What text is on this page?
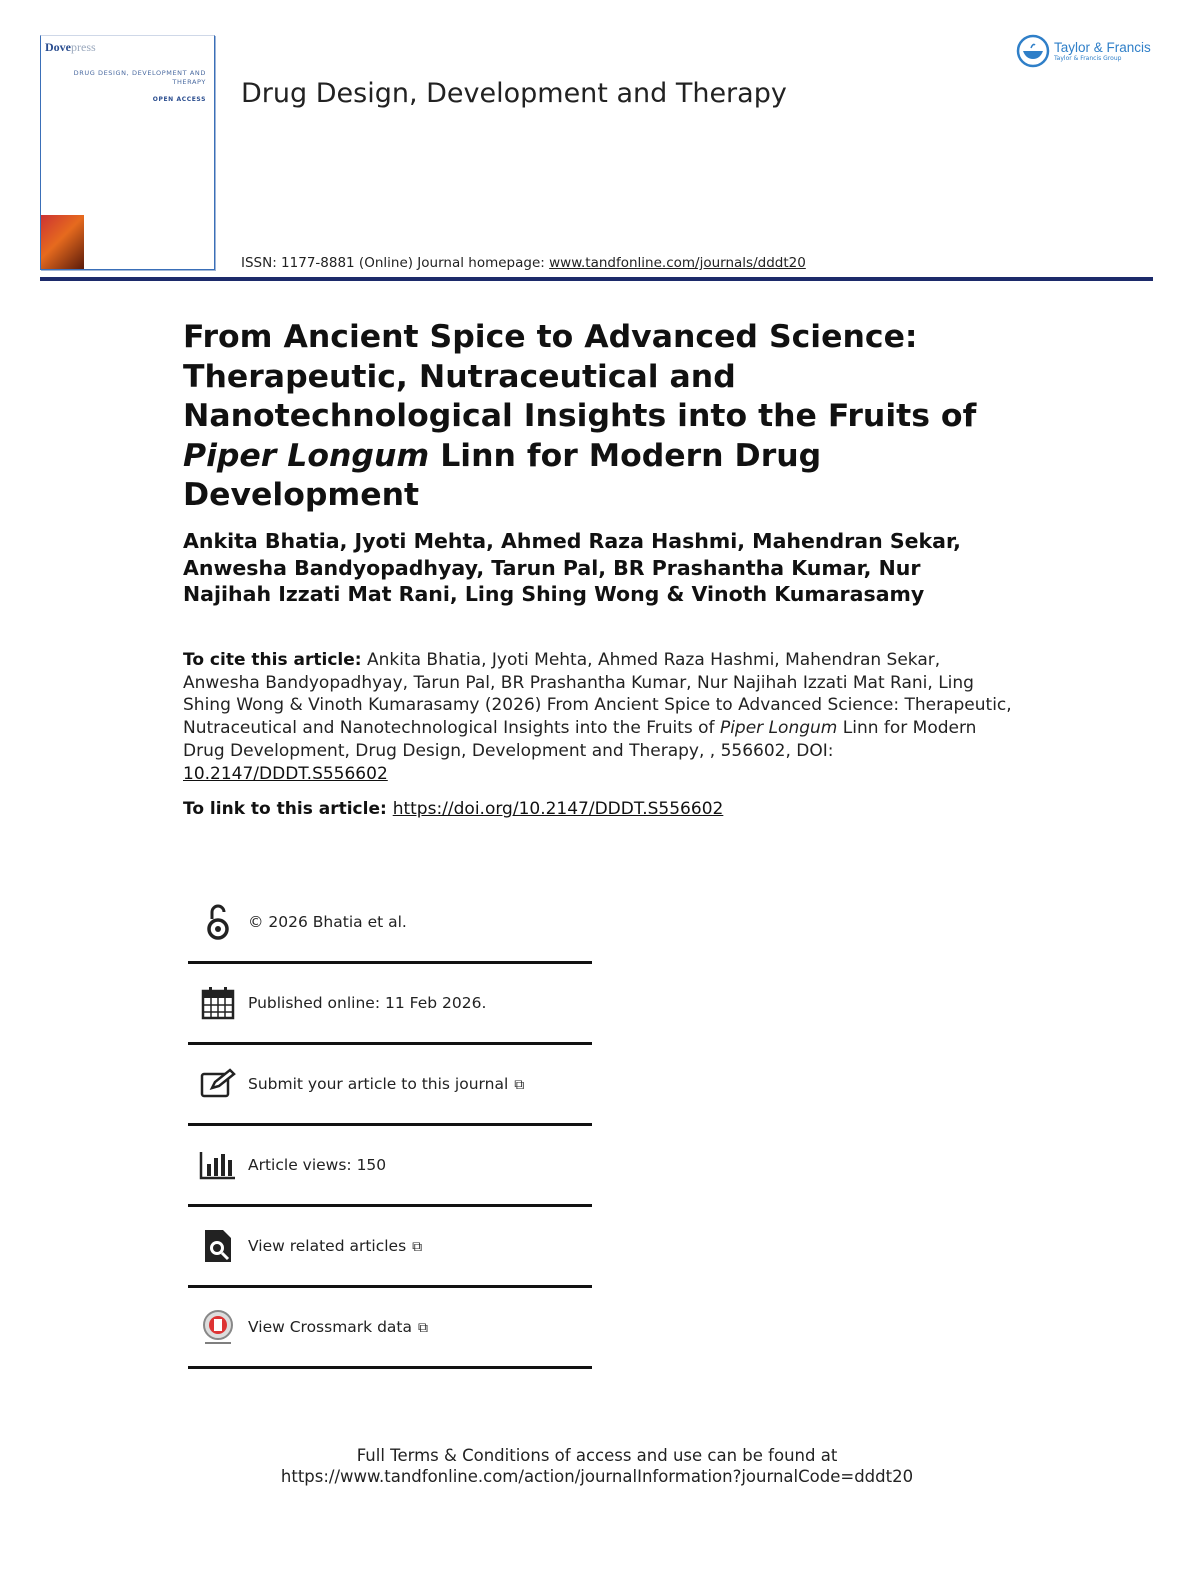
Dovepress
DRUG DESIGN, DEVELOPMENT AND THERAPY
OPEN ACCESS Drug Design, Development and Therapy
ISSN: 1177-8881 (Online) Journal homepage: www.tandfonline.com/journals/dddt20
Taylor & Francis
Taylor & Francis Group
From Ancient Spice to Advanced Science: Therapeutic, Nutraceutical and Nanotechnological Insights into the Fruits of Piper Longum Linn for Modern Drug Development
Ankita Bhatia, Jyoti Mehta, Ahmed Raza Hashmi, Mahendran Sekar, Anwesha Bandyopadhyay, Tarun Pal, BR Prashantha Kumar, Nur Najihah Izzati Mat Rani, Ling Shing Wong & Vinoth Kumarasamy
To cite this article: Ankita Bhatia, Jyoti Mehta, Ahmed Raza Hashmi, Mahendran Sekar, Anwesha Bandyopadhyay, Tarun Pal, BR Prashantha Kumar, Nur Najihah Izzati Mat Rani, Ling Shing Wong & Vinoth Kumarasamy (2026) From Ancient Spice to Advanced Science: Therapeutic, Nutraceutical and Nanotechnological Insights into the Fruits of Piper Longum Linn for Modern Drug Development, Drug Design, Development and Therapy, , 556602, DOI: 10.2147/DDDT.S556602
To link to this article: https://doi.org/10.2147/DDDT.S556602
© 2026 Bhatia et al.
Published online: 11 Feb 2026.
Submit your article to this journal ⧉
Article views: 150
View related articles ⧉
View Crossmark data ⧉
Full Terms & Conditions of access and use can be found at
https://www.tandfonline.com/action/journalInformation?journalCode=dddt20
